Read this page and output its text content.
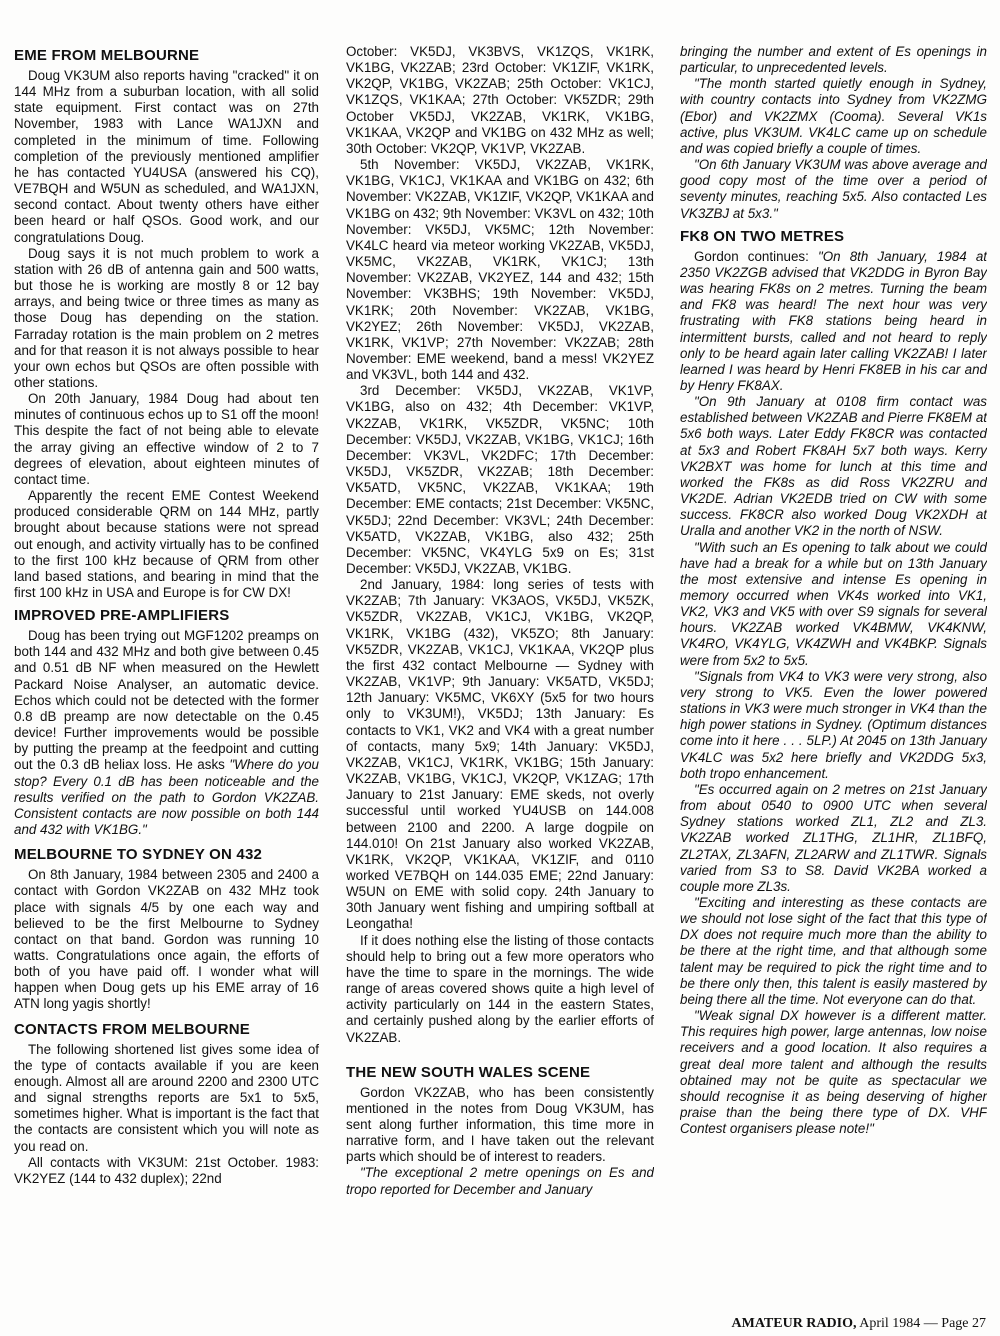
EME FROM MELBOURNE

Doug VK3UM also reports having "cracked" it on 144 MHz from a suburban location, with all solid state equipment. First contact was on 27th November, 1983 with Lance WA1JXN and completed in the minimum of time. Following completion of the previously mentioned amplifier he has contacted YU4USA (answered his CQ), VE7BQH and W5UN as scheduled, and WA1JXN, second contact. About twenty others have either been heard or half QSOs. Good work, and our congratulations Doug.

Doug says it is not much problem to work a station with 26 dB of antenna gain and 500 watts, but those he is working are mostly 8 or 12 bay arrays, and being twice or three times as many as those Doug has depending on the station. Farraday rotation is the main problem on 2 metres and for that reason it is not always possible to hear your own echos but QSOs are often possible with other stations.

On 20th January, 1984 Doug had about ten minutes of continuous echos up to S1 off the moon! This despite the fact of not being able to elevate the array giving an effective window of 2 to 7 degrees of elevation, about eighteen minutes of contact time.

Apparently the recent EME Contest Weekend produced considerable QRM on 144 MHz, partly brought about because stations were not spread out enough, and activity virtually has to be confined to the first 100 kHz because of QRM from other land based stations, and bearing in mind that the first 100 kHz in USA and Europe is for CW DX!

IMPROVED PRE-AMPLIFIERS

Doug has been trying out MGF1202 preamps on both 144 and 432 MHz and both give between 0.45 and 0.51 dB NF when measured on the Hewlett Packard Noise Analyser, an automatic device. Echos which could not be detected with the former 0.8 dB preamp are now detectable on the 0.45 device! Further improvements would be possible by putting the preamp at the feedpoint and cutting out the 0.3 dB heliax loss. He asks "Where do you stop? Every 0.1 dB has been noticeable and the results verified on the path to Gordon VK2ZAB. Consistent contacts are now possible on both 144 and 432 with VK1BG."

MELBOURNE TO SYDNEY ON 432

On 8th January, 1984 between 2305 and 2400 a contact with Gordon VK2ZAB on 432 MHz took place with signals 4/5 by one each way and believed to be the first Melbourne to Sydney contact on that band. Gordon was running 10 watts. Congratulations once again, the efforts of both of you have paid off. I wonder what will happen when Doug gets up his EME array of 16 ATN long yagis shortly!

CONTACTS FROM MELBOURNE

The following shortened list gives some idea of the type of contacts available if you are keen enough. Almost all are around 2200 and 2300 UTC and signal strengths reports are 5x1 to 5x5, sometimes higher. What is important is the fact that the contacts are consistent which you will note as you read on.

All contacts with VK3UM: 21st October. 1983: VK2YEZ (144 to 432 duplex); 22nd

October: VK5DJ, VK3BVS, VK1ZQS, VK1RK, VK1BG, VK2ZAB; 23rd October: VK1ZIF, VK1RK, VK2QP, VK1BG, VK2ZAB; 25th October: VK1CJ, VK1ZQS, VK1KAA; 27th October: VK5ZDR; 29th October VK5DJ, VK2ZAB, VK1RK, VK1BG, VK1KAA, VK2QP and VK1BG on 432 MHz as well; 30th October: VK2QP, VK1VP, VK2ZAB.

5th November: VK5DJ, VK2ZAB, VK1RK, VK1BG, VK1CJ, VK1KAA and VK1BG on 432; 6th November: VK2ZAB, VK1ZIF, VK2QP, VK1KAA and VK1BG on 432; 9th November: VK3VL on 432; 10th November: VK5DJ, VK5MC; 12th November: VK4LC heard via meteor working VK2ZAB, VK5DJ, VK5MC, VK2ZAB, VK1RK, VK1CJ; 13th November: VK2ZAB, VK2YEZ, 144 and 432; 15th November: VK3BHS; 19th November: VK5DJ, VK1RK; 20th November: VK2ZAB, VK1BG, VK2YEZ; 26th November: VK5DJ, VK2ZAB, VK1RK, VK1VP; 27th November: VK2ZAB; 28th November: EME weekend, band a mess! VK2YEZ and VK3VL, both 144 and 432.

3rd December: VK5DJ, VK2ZAB, VK1VP, VK1BG, also on 432; 4th December: VK1VP, VK2ZAB, VK1RK, VK5ZDR, VK5NC; 10th December: VK5DJ, VK2ZAB, VK1BG, VK1CJ; 16th December: VK3VL, VK2DFC; 17th December: VK5DJ, VK5ZDR, VK2ZAB; 18th December: VK5ATD, VK5NC, VK2ZAB, VK1KAA; 19th December: EME contacts; 21st December: VK5NC, VK5DJ; 22nd December: VK3VL; 24th December: VK5ATD, VK2ZAB, VK1BG, also 432; 25th December: VK5NC, VK4YLG 5x9 on Es; 31st December: VK5DJ, VK2ZAB, VK1BG.

2nd January, 1984: long series of tests with VK2ZAB; 7th January: VK3AOS, VK5DJ, VK5ZK, VK5ZDR, VK2ZAB, VK1CJ, VK1BG, VK2QP, VK1RK, VK1BG (432), VK5ZO; 8th January: VK5ZDR, VK2ZAB, VK1CJ, VK1KAA, VK2QP plus the first 432 contact Melbourne — Sydney with VK2ZAB, VK1VP; 9th January: VK5ATD, VK5DJ; 12th January: VK5MC, VK6XY (5x5 for two hours only to VK3UM!), VK5DJ; 13th January: Es contacts to VK1, VK2 and VK4 with a great number of contacts, many 5x9; 14th January: VK5DJ, VK2ZAB, VK1CJ, VK1RK, VK1BG; 15th January: VK2ZAB, VK1BG, VK1CJ, VK2QP, VK1ZAG; 17th January to 21st January: EME skeds, not overly successful until worked YU4USB on 144.008 between 2100 and 2200. A large dogpile on 144.010! On 21st January also worked VK2ZAB, VK1RK, VK2QP, VK1KAA, VK1ZIF, and 0110 worked VE7BQH on 144.035 EME; 22nd January: W5UN on EME with solid copy. 24th January to 30th January went fishing and umpiring softball at Leongatha!

If it does nothing else the listing of those contacts should help to bring out a few more operators who have the time to spare in the mornings. The wide range of areas covered shows quite a high level of activity particularly on 144 in the eastern States, and certainly pushed along by the earlier efforts of VK2ZAB.

THE NEW SOUTH WALES SCENE

Gordon VK2ZAB, who has been consistently mentioned in the notes from Doug VK3UM, has sent along further information, this time more in narrative form, and I have taken out the relevant parts which should be of interest to readers.

"The exceptional 2 metre openings on Es and tropo reported for December and January

bringing the number and extent of Es openings in particular, to unprecedented levels.

"The month started quietly enough in Sydney, with country contacts into Sydney from VK2ZMG (Ebor) and VK2ZMX (Cooma). Several VK1s active, plus VK3UM. VK4LC came up on schedule and was copied briefly a couple of times.

"On 6th January VK3UM was above average and good copy most of the time over a period of seventy minutes, reaching 5x5. Also contacted Les VK3ZBJ at 5x3."

FK8 ON TWO METRES

Gordon continues: "On 8th January, 1984 at 2350 VK2ZGB advised that VK2DDG in Byron Bay was hearing FK8s on 2 metres. Turning the beam and FK8 was heard! The next hour was very frustrating with FK8 stations being heard in intermittent bursts, called and not heard to reply only to be heard again later calling VK2ZAB! I later learned I was heard by Henri FK8EB in his car and by Henry FK8AX.

"On 9th January at 0108 firm contact was established between VK2ZAB and Pierre FK8EM at 5x6 both ways. Later Eddy FK8CR was contacted at 5x3 and Robert FK8AH 5x7 both ways. Kerry VK2BXT was home for lunch at this time and worked the FK8s as did Ross VK2ZRU and VK2DE. Adrian VK2EDB tried on CW with some success. FK8CR also worked Doug VK2XDH at Uralla and another VK2 in the north of NSW.

"With such an Es opening to talk about we could have had a break for a while but on 13th January the most extensive and intense Es opening in memory occurred when VK4s worked into VK1, VK2, VK3 and VK5 with over S9 signals for several hours. VK2ZAB worked VK4BMW, VK4KNW, VK4RO, VK4YLG, VK4ZWH and VK4BKP. Signals were from 5x2 to 5x5.

"Signals from VK4 to VK3 were very strong, also very strong to VK5. Even the lower powered stations in VK3 were much stronger in VK4 than the high power stations in Sydney. (Optimum distances come into it here . . . 5LP.) At 2045 on 13th January VK4LC was 5x2 here briefly and VK2DDG 5x3, both tropo enhancement.

"Es occurred again on 2 metres on 21st January from about 0540 to 0900 UTC when several Sydney stations worked ZL1, ZL2 and ZL3. VK2ZAB worked ZL1THG, ZL1HR, ZL1BFQ, ZL2TAX, ZL3AFN, ZL2ARW and ZL1TWR. Signals varied from S3 to S8. David VK2BA worked a couple more ZL3s.

"Exciting and interesting as these contacts are we should not lose sight of the fact that this type of DX does not require much more than the ability to be there at the right time, and that although some talent may be required to pick the right time and to be there only then, this talent is easily mastered by being there all the time. Not everyone can do that.

"Weak signal DX however is a different matter. This requires high power, large antennas, low noise receivers and a good location. It also requires a great deal more talent and although the results obtained may not be quite as spectacular we should recognise it as being deserving of higher praise than the being there type of DX. VHF Contest organisers please note!"

AMATEUR RADIO, April 1984 — Page 27
